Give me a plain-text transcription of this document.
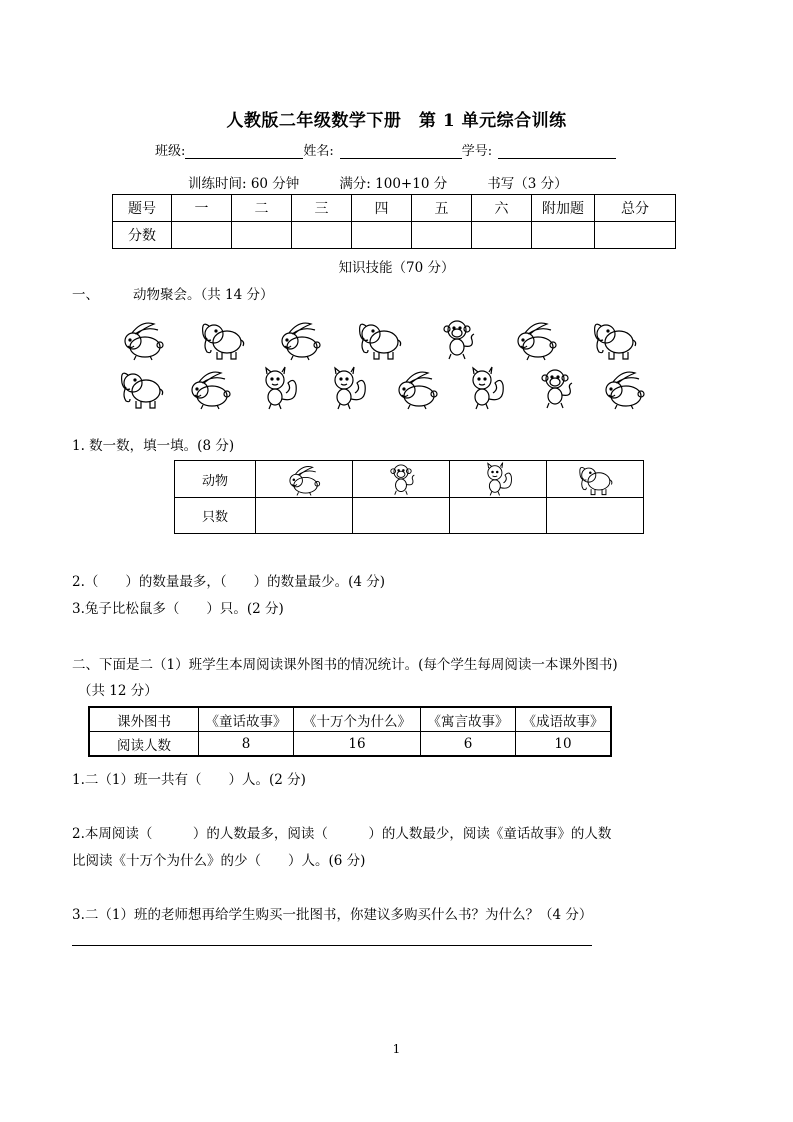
人教版二年级数学下册　第 1 单元综合训练
班级:	姓名:	学号:
训练时间: 60 分钟	满分: 100+10 分	书写（3 分）
题号	一	二	三	四	五	六	附加题	总分
分数								
知识技能（70 分）
一、	动物聚会。（共 14 分）
1. 数一数，填一填。(8 分)
动物	

只数				
2.（　　）的数量最多，（　　）的数量最少。(4 分)
3.兔子比松鼠多（　　）只。(2 分)
二、下面是二（1）班学生本周阅读课外图书的情况统计。(每个学生每周阅读一本课外图书)
（共 12 分）
课外图书	《童话故事》	《十万个为什么》	《寓言故事》	《成语故事》
阅读人数	8	16	6	10
1.二（1）班一共有（　　）人。(2 分)
2.本周阅读（　　　）的人数最多，阅读（　　　）的人数最少，阅读《童话故事》的人数
比阅读《十万个为什么》的少（　　）人。(6 分)
3.二（1）班的老师想再给学生购买一批图书，你建议多购买什么书？为什么？（4 分）
1
